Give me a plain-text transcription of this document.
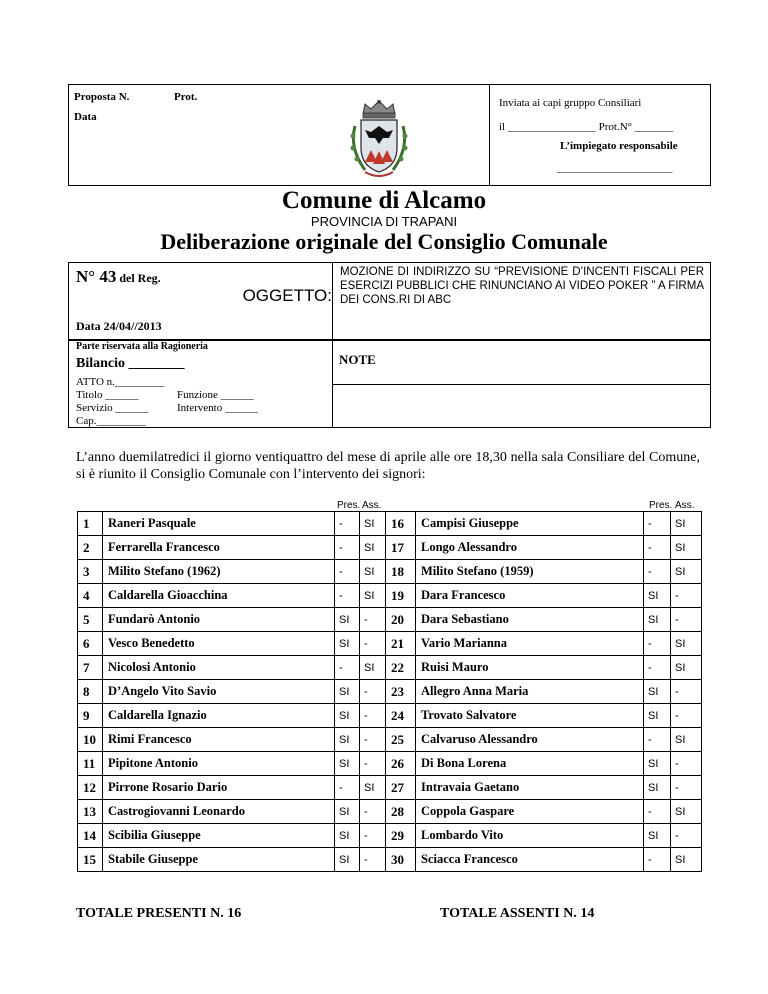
Proposta N.	Prot.
Data
Inviata ai capi gruppo Consiliari
il ________________ Prot.N° _______
L’impiegato responsabile
_____________________
Comune di Alcamo
PROVINCIA DI TRAPANI
Deliberazione originale del Consiglio Comunale
N° 43 del Reg.
Data 24/04//2013
OGGETTO:
MOZIONE DI INDIRIZZO SU “PREVISIONE D’INCENTI FISCALI PER ESERCIZI PUBBLICI CHE RINUNCIANO AI VIDEO POKER ” A FIRMA DEI CONS.RI DI ABC
Parte riservata alla Ragioneria
Bilancio ________
ATTO n._________
Titolo ______	Funzione ______
Servizio ______	Intervento ______
Cap._________
NOTE
L’anno duemilatredici il giorno ventiquattro del mese di aprile alle ore 18,30 nella sala Consiliare del Comune, si è riunito il Consiglio Comunale con l’intervento dei signori:
Pres. Ass.	Pres. Ass.
1	Raneri Pasquale	-	SI	16	Campisi Giuseppe	-	SI
2	Ferrarella Francesco	-	SI	17	Longo Alessandro	-	SI
3	Milito Stefano (1962)	-	SI	18	Milito Stefano (1959)	-	SI
4	Caldarella Gioacchina	-	SI	19	Dara Francesco	SI	-
5	Fundarò Antonio	SI	-	20	Dara Sebastiano	SI	-
6	Vesco Benedetto	SI	-	21	Vario Marianna	-	SI
7	Nicolosi Antonio	-	SI	22	Ruisi Mauro	-	SI
8	D’Angelo Vito Savio	SI	-	23	Allegro Anna Maria	SI	-
9	Caldarella Ignazio	SI	-	24	Trovato Salvatore	SI	-
10	Rimi Francesco	SI	-	25	Calvaruso Alessandro	-	SI
11	Pipitone Antonio	SI	-	26	Di Bona Lorena	SI	-
12	Pirrone Rosario Dario	-	SI	27	Intravaia Gaetano	SI	-
13	Castrogiovanni Leonardo	SI	-	28	Coppola Gaspare	-	SI
14	Scibilia Giuseppe	SI	-	29	Lombardo Vito	SI	-
15	Stabile Giuseppe	SI	-	30	Sciacca Francesco	-	SI
TOTALE PRESENTI N. 16	TOTALE ASSENTI N. 14
